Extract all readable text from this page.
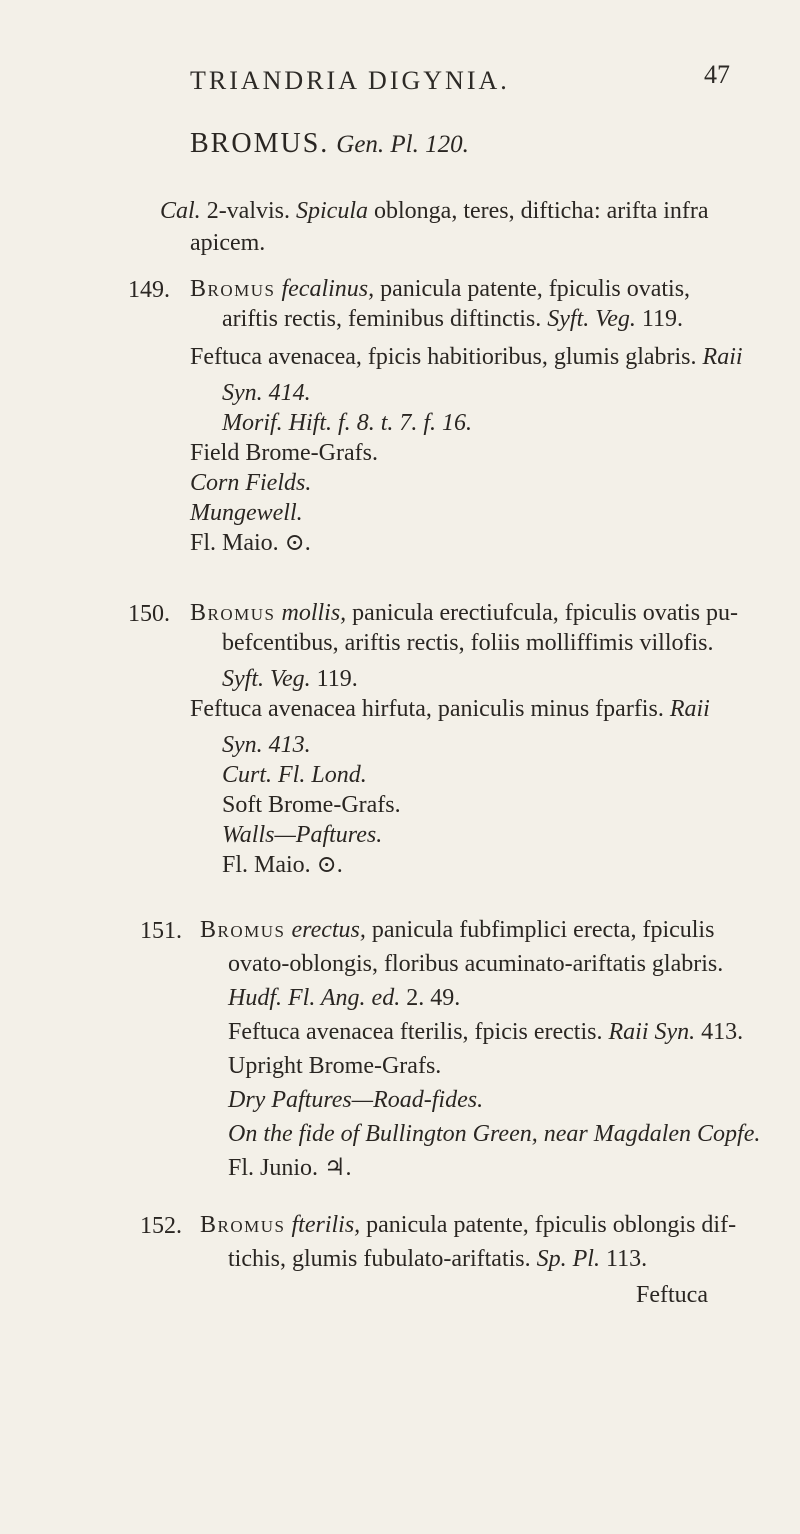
TRIANDRIA DIGYNIA.	47
BROMUS. Gen. Pl. 120.
Cal. 2-valvis. Spicula oblonga, teres, difticha: arifta infra
apicem.
149. Bromus fecalinus, panicula patente, fpiculis ovatis,
ariftis rectis, feminibus diftinctis. Syft. Veg. 119.
Feftuca avenacea, fpicis habitioribus, glumis glabris. Raii
Syn. 414.
Morif. Hift. f. 8. t. 7. f. 16.
Field Brome-Grafs.
Corn Fields.
Mungewell.
Fl. Maio. ⊙.
150. Bromus mollis, panicula erectiufcula, fpiculis ovatis pu-
befcentibus, ariftis rectis, foliis molliffimis villofis.
Syft. Veg. 119.
Feftuca avenacea hirfuta, paniculis minus fparfis. Raii
Syn. 413.
Curt. Fl. Lond.
Soft Brome-Grafs.
Walls—Paftures.
Fl. Maio. ⊙.
151. Bromus erectus, panicula fubfimplici erecta, fpiculis
ovato-oblongis, floribus acuminato-ariftatis glabris.
Hudf. Fl. Ang. ed. 2. 49.
Feftuca avenacea fterilis, fpicis erectis. Raii Syn. 413.
Upright Brome-Grafs.
Dry Paftures—Road-fides.
On the fide of Bullington Green, near Magdalen Copfe.
Fl. Junio. ♃.
152. Bromus fterilis, panicula patente, fpiculis oblongis dif-
tichis, glumis fubulato-ariftatis. Sp. Pl. 113.
Feftuca
